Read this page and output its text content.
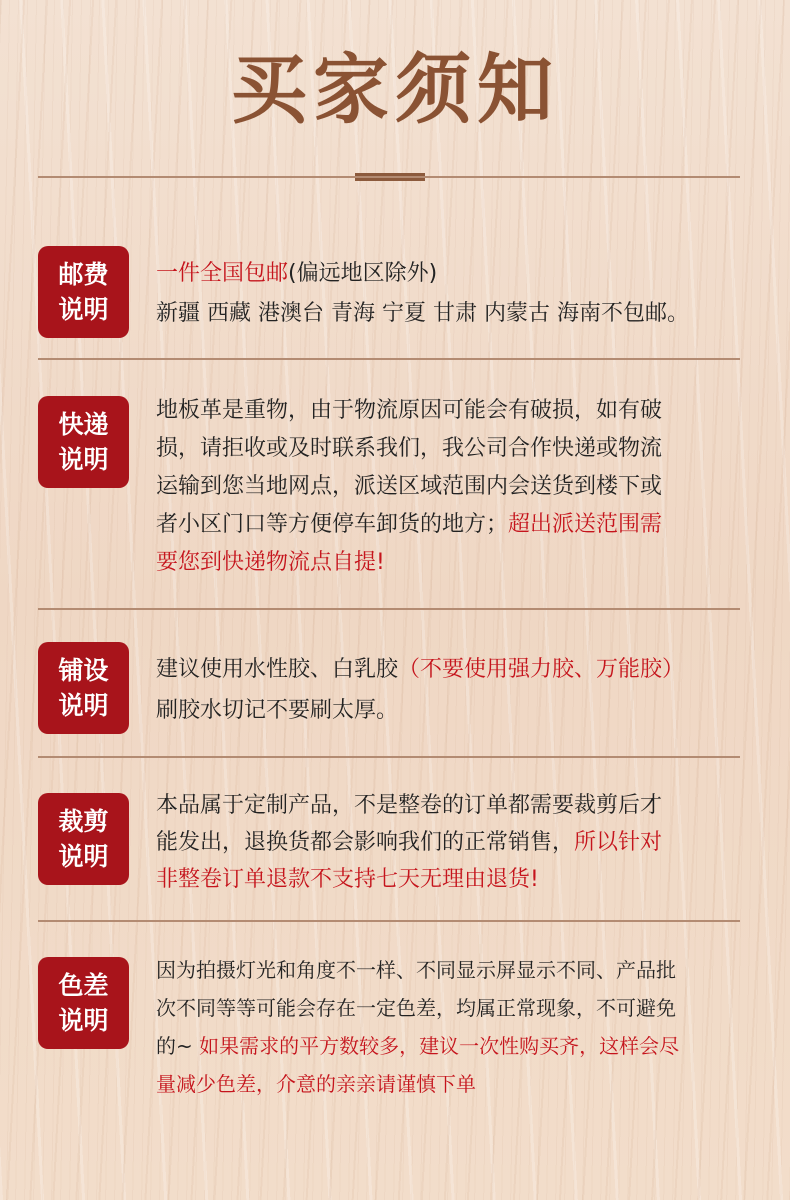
买家须知
邮费
说明
一件全国包邮(偏远地区除外)
新疆 西藏 港澳台 青海 宁夏 甘肃 内蒙古 海南不包邮。
快递
说明
地板革是重物，由于物流原因可能会有破损，如有破
损，请拒收或及时联系我们，我公司合作快递或物流
运输到您当地网点，派送区域范围内会送货到楼下或
者小区门口等方便停车卸货的地方；超出派送范围需
要您到快递物流点自提!
铺设
说明
建议使用水性胶、白乳胶（不要使用强力胶、万能胶）
刷胶水切记不要刷太厚。
裁剪
说明
本品属于定制产品，不是整卷的订单都需要裁剪后才
能发出，退换货都会影响我们的正常销售，所以针对
非整卷订单退款不支持七天无理由退货!
色差
说明
因为拍摄灯光和角度不一样、不同显示屏显示不同、产品批
次不同等等可能会存在一定色差，均属正常现象，不可避免
的~ 如果需求的平方数较多，建议一次性购买齐，这样会尽
量减少色差，介意的亲亲请谨慎下单
